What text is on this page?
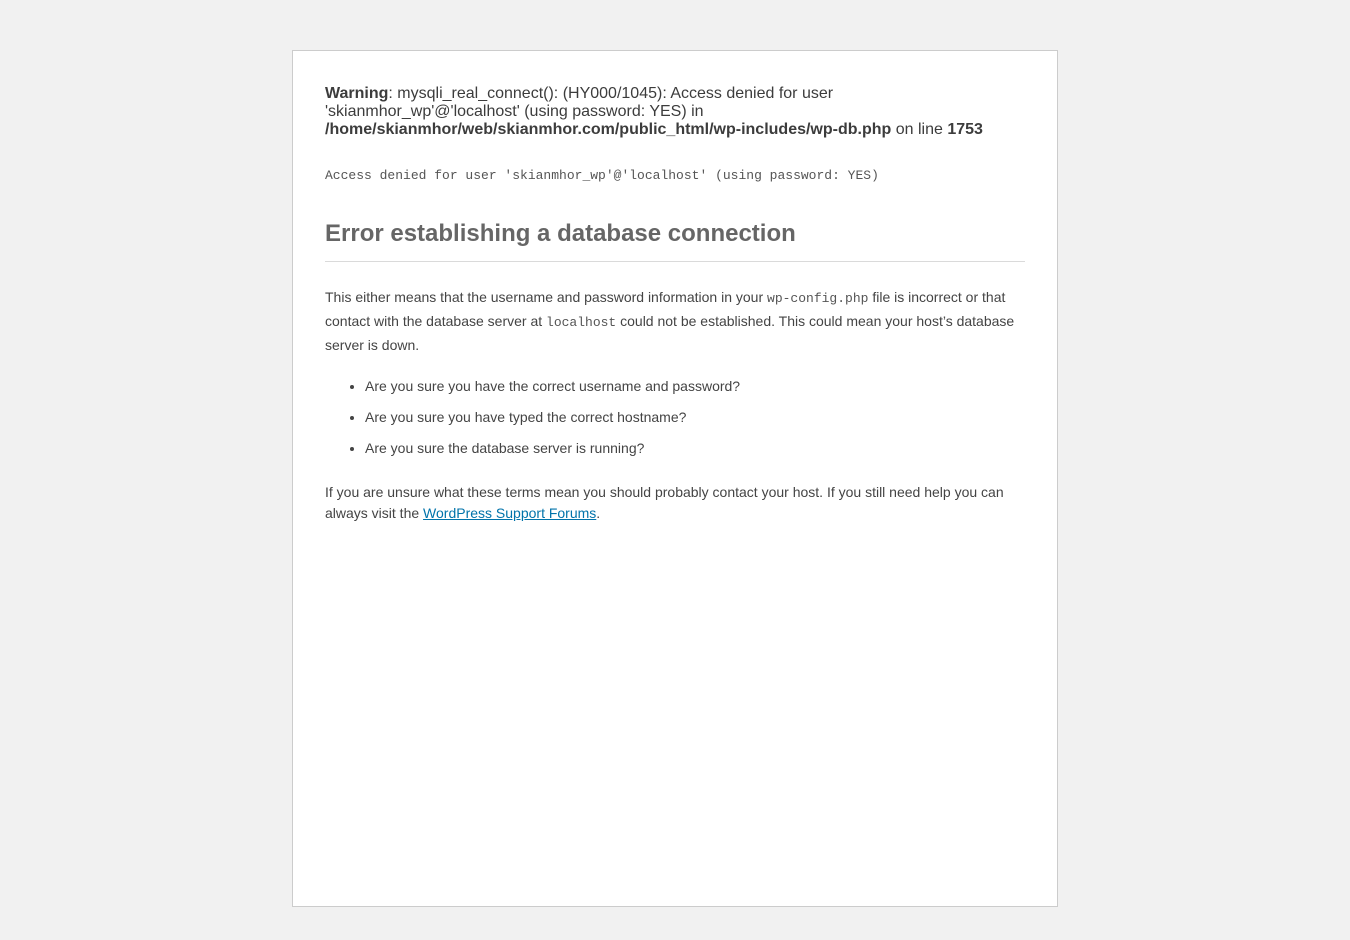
Warning: mysqli_real_connect(): (HY000/1045): Access denied for user 'skianmhor_wp'@'localhost' (using password: YES) in /home/skianmhor/web/skianmhor.com/public_html/wp-includes/wp-db.php on line 1753

Access denied for user 'skianmhor_wp'@'localhost' (using password: YES)

Error establishing a database connection

This either means that the username and password information in your wp-config.php file is incorrect or that contact with the database server at localhost could not be established. This could mean your host’s database server is down.

• Are you sure you have the correct username and password?
• Are you sure you have typed the correct hostname?
• Are you sure the database server is running?

If you are unsure what these terms mean you should probably contact your host. If you still need help you can always visit the WordPress Support Forums.
